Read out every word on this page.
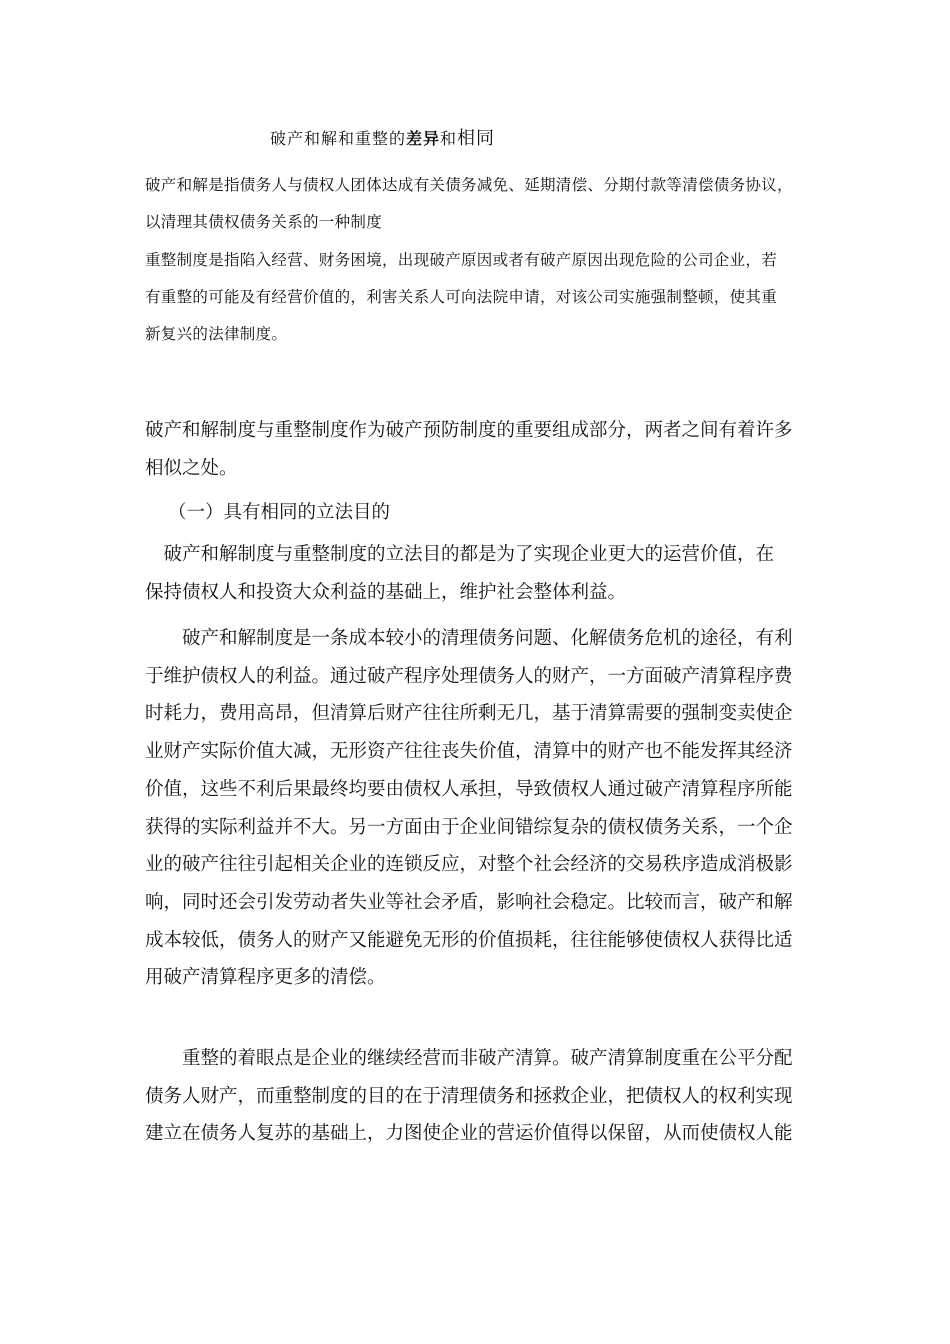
破产和解和重整的差异和相同
破产和解是指债务人与债权人团体达成有关债务减免、延期清偿、分期付款等清偿债务协议，
以清理其债权债务关系的一种制度
重整制度是指陷入经营、财务困境，出现破产原因或者有破产原因出现危险的公司企业，若
有重整的可能及有经营价值的，利害关系人可向法院申请，对该公司实施强制整顿，使其重
新复兴的法律制度。
破产和解制度与重整制度作为破产预防制度的重要组成部分，两者之间有着许多
相似之处。
（一）具有相同的立法目的
　破产和解制度与重整制度的立法目的都是为了实现企业更大的运营价值，在
保持债权人和投资大众利益的基础上，维护社会整体利益。
　　破产和解制度是一条成本较小的清理债务问题、化解债务危机的途径，有利
于维护债权人的利益。通过破产程序处理债务人的财产，一方面破产清算程序费
时耗力，费用高昂，但清算后财产往往所剩无几，基于清算需要的强制变卖使企
业财产实际价值大减，无形资产往往丧失价值，清算中的财产也不能发挥其经济
价值，这些不利后果最终均要由债权人承担，导致债权人通过破产清算程序所能
获得的实际利益并不大。另一方面由于企业间错综复杂的债权债务关系，一个企
业的破产往往引起相关企业的连锁反应，对整个社会经济的交易秩序造成消极影
响，同时还会引发劳动者失业等社会矛盾，影响社会稳定。比较而言，破产和解
成本较低，债务人的财产又能避免无形的价值损耗，往往能够使债权人获得比适
用破产清算程序更多的清偿。
　　重整的着眼点是企业的继续经营而非破产清算。破产清算制度重在公平分配
债务人财产，而重整制度的目的在于清理债务和拯救企业，把债权人的权利实现
建立在债务人复苏的基础上，力图使企业的营运价值得以保留，从而使债权人能
